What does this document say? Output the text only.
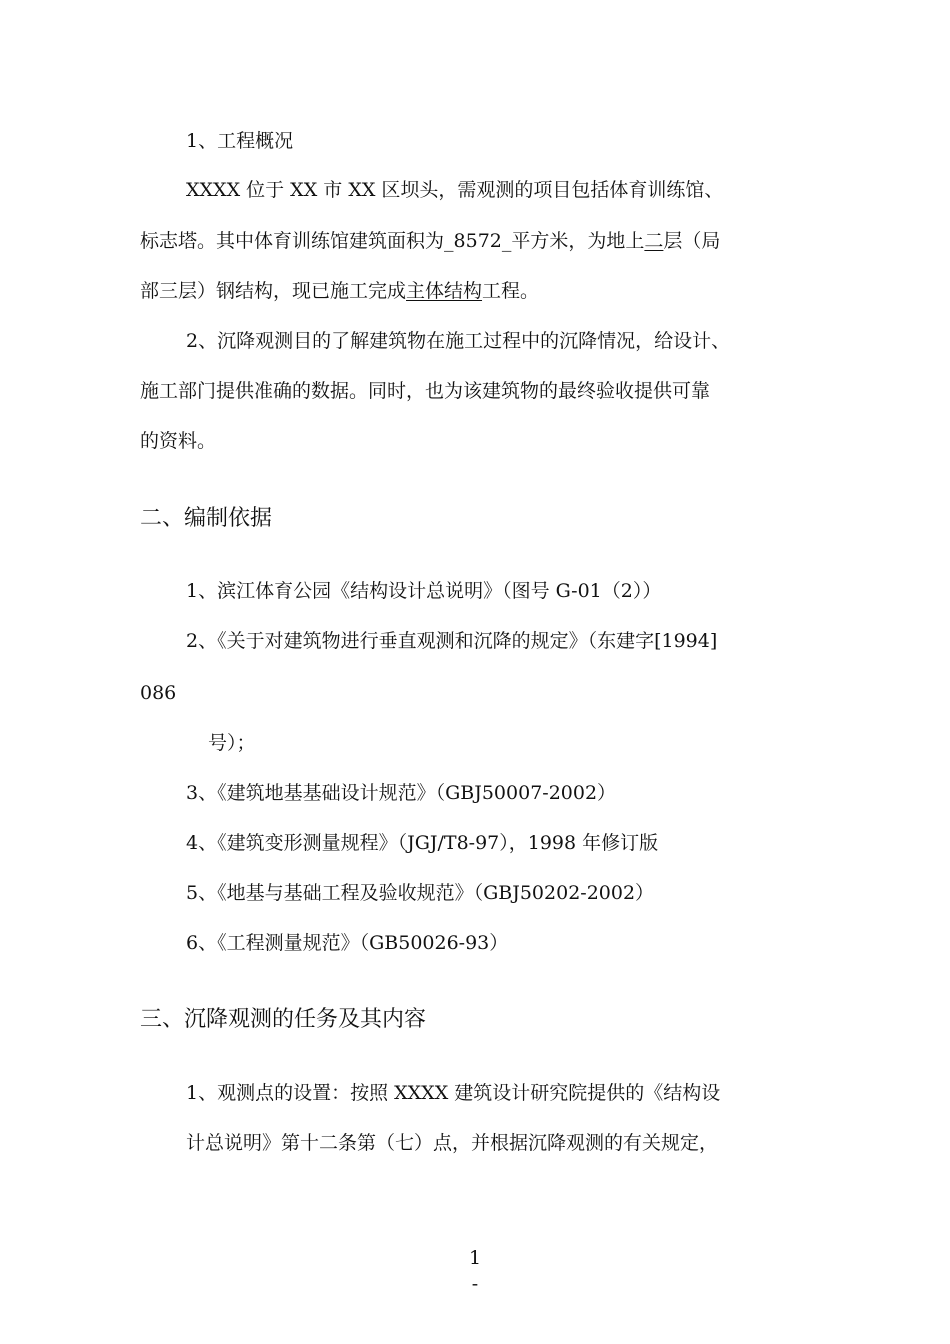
1、工程概况
XXXX 位于 XX 市 XX 区坝头，需观测的项目包括体育训练馆、
标志塔。其中体育训练馆建筑面积为_8572_平方米，为地上二层（局
部三层）钢结构，现已施工完成主体结构工程。
2、沉降观测目的了解建筑物在施工过程中的沉降情况，给设计、
施工部门提供准确的数据。同时，也为该建筑物的最终验收提供可靠
的资料。
二、编制依据
1、滨江体育公园《结构设计总说明》（图号 G-01（2））
2、《关于对建筑物进行垂直观测和沉降的规定》（东建字[1994]
086
号）；
3、《建筑地基基础设计规范》（GBJ50007-2002）
4、《建筑变形测量规程》（JGJ/T8-97），1998 年修订版
5、《地基与基础工程及验收规范》（GBJ50202-2002）
6、《工程测量规范》（GB50026-93）
三、沉降观测的任务及其内容
1、观测点的设置：按照 XXXX 建筑设计研究院提供的《结构设
计总说明》第十二条第（七）点，并根据沉降观测的有关规定，
1
-
